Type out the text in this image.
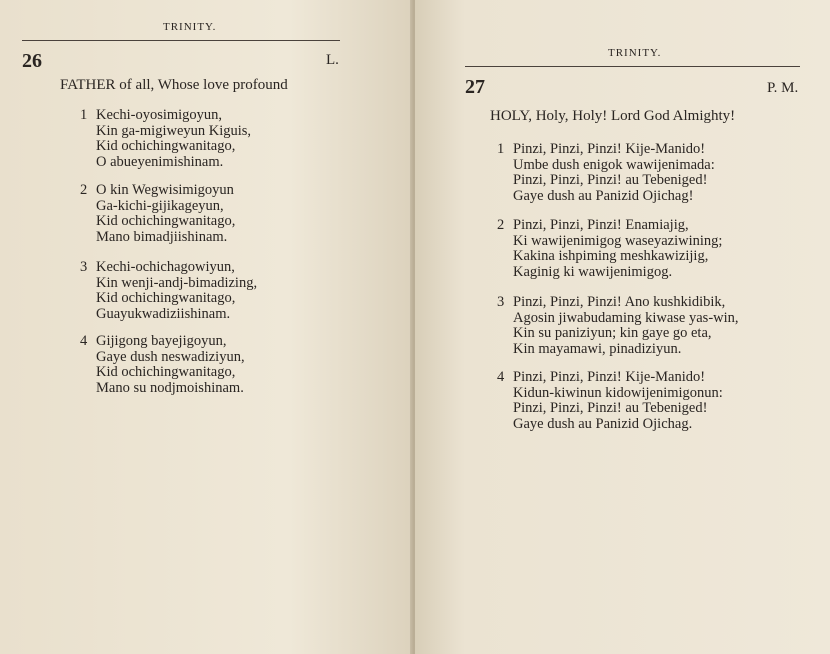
TRINITY.
26	L.
FATHER of all, Whose love profound
1 Kechi-oyosimigoyun,
Kin ga-migiweyun Kiguis,
Kid ochichingwanitago,
O abueyenimishinam.
2 O kin Wegwisimigoyun
Ga-kichi-gijikageyun,
Kid ochichingwanitago,
Mano bimadjiishinam.
3 Kechi-ochichagowiyun,
Kin wenji-andj-bimadizing,
Kid ochichingwanitago,
Guayukwadiziishinam.
4 Gijigong bayejigoyun,
Gaye dush neswadiziyun,
Kid ochichingwanitago,
Mano su nodjmoishinam.
TRINITY.
27	P. M.
HOLY, Holy, Holy! Lord God Almighty!
1 Pinzi, Pinzi, Pinzi! Kije-Manido!
Umbe dush enigok wawijenimada:
Pinzi, Pinzi, Pinzi! au Tebeniged!
Gaye dush au Panizid Ojichag!
2 Pinzi, Pinzi, Pinzi! Enamiajig,
Ki wawijenimigog waseyaziwining;
Kakina ishpiming meshkawizijig,
Kaginig ki wawijenimigog.
3 Pinzi, Pinzi, Pinzi! Ano kushkidibik,
Agosin jiwabudaming kiwase yas-win,
Kin su paniziyun; kin gaye go eta,
Kin mayamawi, pinadiziyun.
4 Pinzi, Pinzi, Pinzi! Kije-Manido!
Kidun-kiwinun kidowijenimigonun:
Pinzi, Pinzi, Pinzi! au Tebeniged!
Gaye dush au Panizid Ojichag.
